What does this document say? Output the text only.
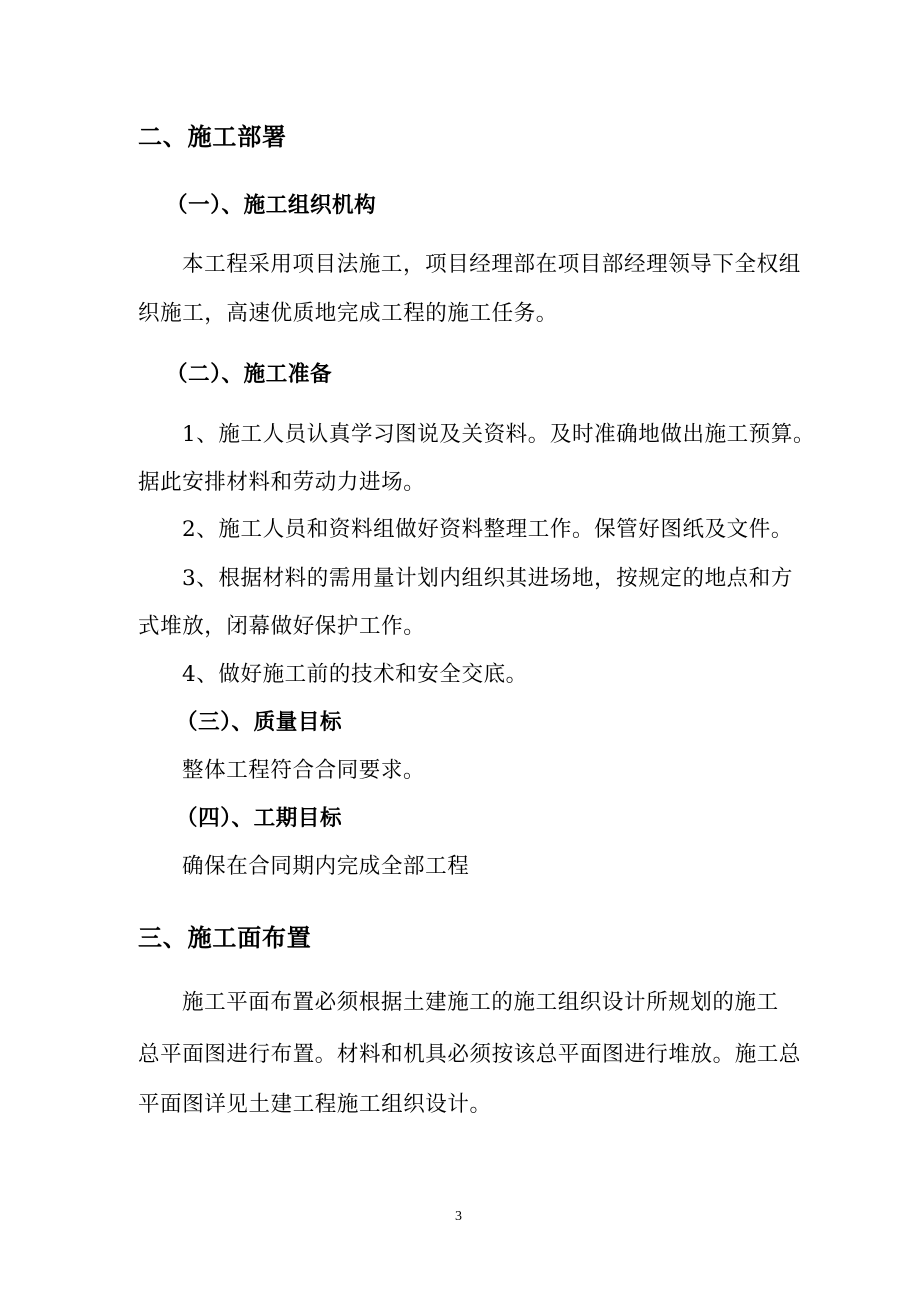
二、施工部署
（一）、施工组织机构
本工程采用项目法施工，项目经理部在项目部经理领导下全权组
织施工，高速优质地完成工程的施工任务。
（二）、施工准备
1、施工人员认真学习图说及关资料。及时准确地做出施工预算。
据此安排材料和劳动力进场。
2、施工人员和资料组做好资料整理工作。保管好图纸及文件。
3、根据材料的需用量计划内组织其进场地，按规定的地点和方
式堆放，闭幕做好保护工作。
4、做好施工前的技术和安全交底。
（三）、质量目标
整体工程符合合同要求。
（四）、工期目标
确保在合同期内完成全部工程
三、施工面布置
施工平面布置必须根据土建施工的施工组织设计所规划的施工
总平面图进行布置。材料和机具必须按该总平面图进行堆放。施工总
平面图详见土建工程施工组织设计。
3
